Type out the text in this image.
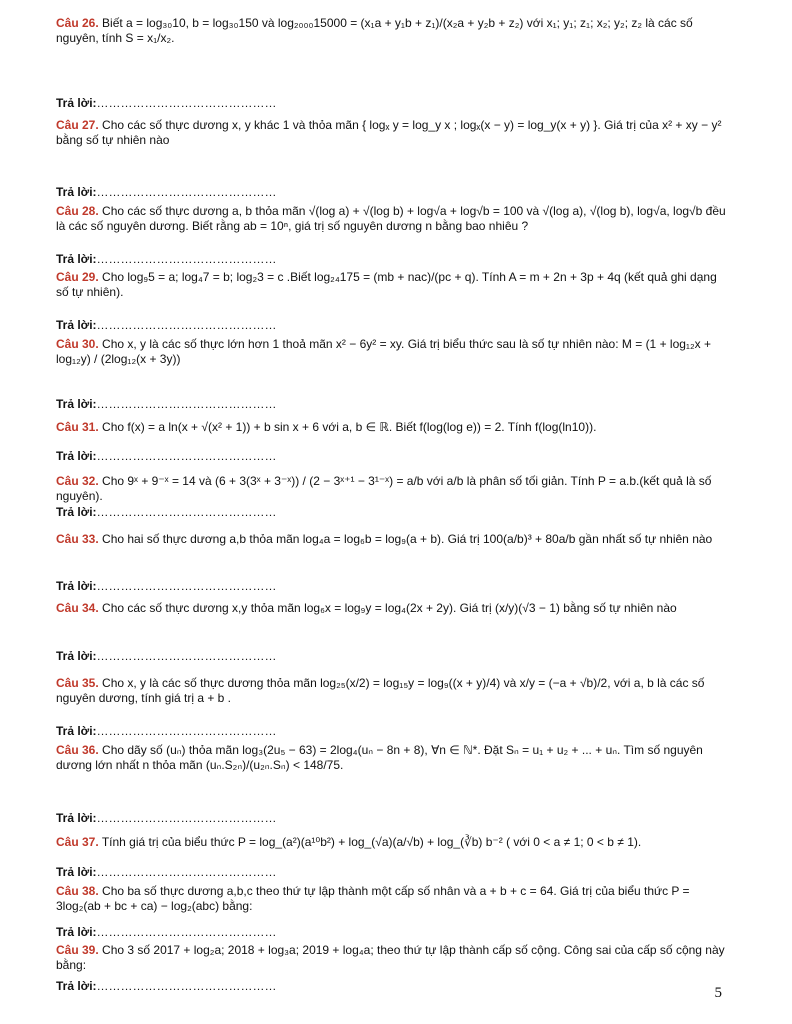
Câu 26. Biết a = log₃₀10, b = log₃₀150 và log₂₀₀₀15000 = (x₁a + y₁b + z₁)/(x₂a + y₂b + z₂) với x₁; y₁; z₁; x₂; y₂; z₂ là các số nguyên, tính S = x₁/x₂.
Trả lời:………………………………………
Câu 27. Cho các số thực dương x, y khác 1 và thỏa mãn { logₓ y = log_y x ; logₓ(x − y) = log_y(x + y) }. Giá trị của x² + xy − y² bằng số tự nhiên nào
Trả lời:………………………………………
Câu 28. Cho các số thực dương a, b thỏa mãn √(log a) + √(log b) + log√a + log√b = 100 và √(log a), √(log b), log√a, log√b đều là các số nguyên dương. Biết rằng ab = 10ⁿ, giá trị số nguyên dương n bằng bao nhiêu ?
Trả lời:………………………………………
Câu 29. Cho log₉5 = a; log₄7 = b; log₂3 = c .Biết log₂₄175 = (mb + nac)/(pc + q). Tính A = m + 2n + 3p + 4q (kết quả ghi dạng số tự nhiên).
Trả lời:………………………………………
Câu 30. Cho x, y là các số thực lớn hơn 1 thoả mãn x² − 6y² = xy. Giá trị biểu thức sau là số tự nhiên nào: M = (1 + log₁₂x + log₁₂y) / (2log₁₂(x + 3y))
Trả lời:………………………………………
Câu 31. Cho f(x) = a ln(x + √(x² + 1)) + b sin x + 6 với a, b ∈ ℝ. Biết f(log(log e)) = 2. Tính f(log(ln10)).
Trả lời:………………………………………
Câu 32. Cho 9ˣ + 9⁻ˣ = 14 và (6 + 3(3ˣ + 3⁻ˣ)) / (2 − 3ˣ⁺¹ − 3¹⁻ˣ) = a/b với a/b là phân số tối giản. Tính P = a.b.(kết quả là số nguyên).
Trả lời:………………………………………
Câu 33. Cho hai số thực dương a,b thỏa mãn log₄a = log₆b = log₉(a + b). Giá trị 100(a/b)³ + 80a/b gần nhất số tự nhiên nào
Trả lời:………………………………………
Câu 34. Cho các số thực dương x,y thỏa mãn log₆x = log₉y = log₄(2x + 2y). Giá trị (x/y)(√3 − 1) bằng số tự nhiên nào
Trả lời:………………………………………
Câu 35. Cho x, y là các số thực dương thỏa mãn log₂₅(x/2) = log₁₅y = log₉((x + y)/4) và x/y = (−a + √b)/2, với a, b là các số nguyên dương, tính giá trị a + b .
Trả lời:………………………………………
Câu 36. Cho dãy số (uₙ) thỏa mãn log₃(2u₅ − 63) = 2log₄(uₙ − 8n + 8), ∀n ∈ ℕ*. Đặt Sₙ = u₁ + u₂ + ... + uₙ. Tìm số nguyên dương lớn nhất n thỏa mãn (uₙ.S₂ₙ)/(u₂ₙ.Sₙ) < 148/75.
Trả lời:………………………………………
Câu 37. Tính giá trị của biểu thức P = log_(a²)(a¹⁰b²) + log_(√a)(a/√b) + log_(∛b) b⁻² ( với 0 < a ≠ 1; 0 < b ≠ 1).
Trả lời:………………………………………
Câu 38. Cho ba số thực dương a,b,c theo thứ tự lập thành một cấp số nhân và a + b + c = 64. Giá trị của biểu thức P = 3log₂(ab + bc + ca) − log₂(abc) bằng:
Trả lời:………………………………………
Câu 39. Cho 3 số 2017 + log₂a; 2018 + log₃a; 2019 + log₄a; theo thứ tự lập thành cấp số cộng. Công sai của cấp số cộng này bằng:
Trả lời:………………………………………	5
